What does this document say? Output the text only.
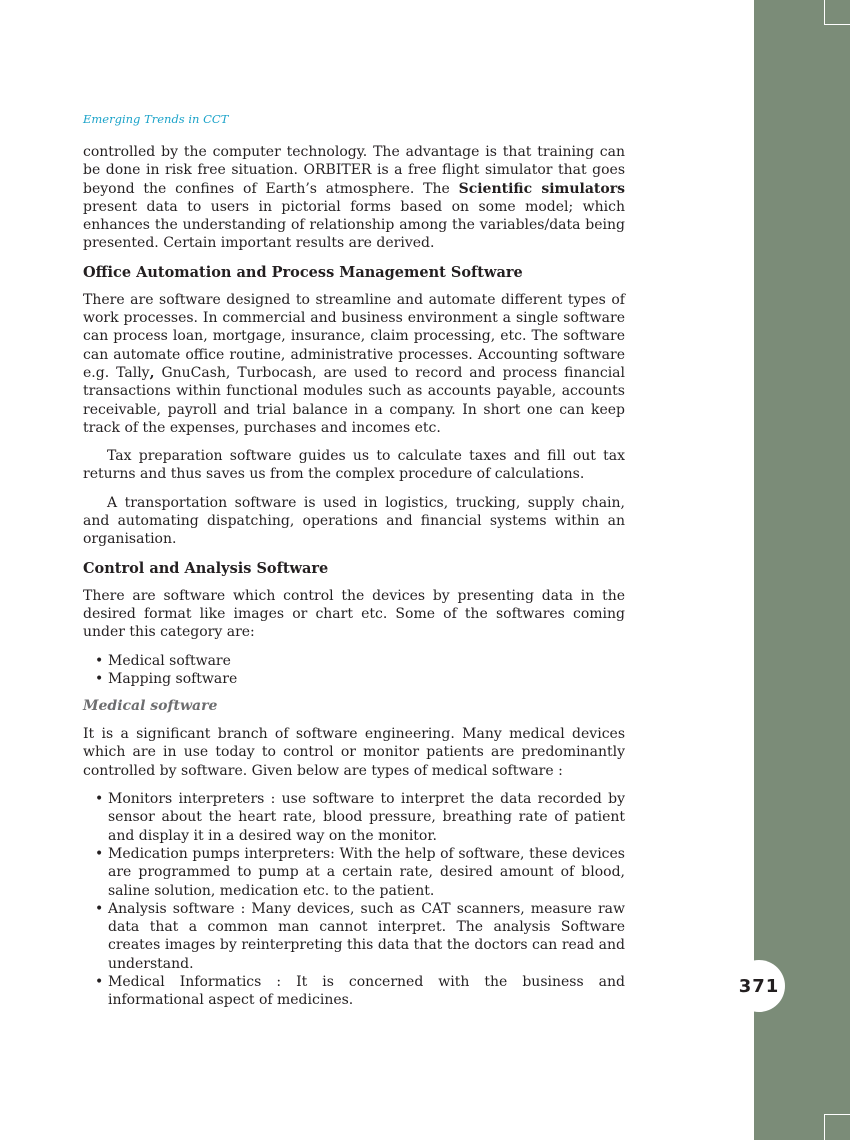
371
Emerging Trends in CCT

controlled by the computer technology. The advantage is that training can be done in risk free situation. ORBITER is a free flight simulator that goes beyond the confines of Earth’s atmosphere. The Scientific simulators present data to users in pictorial forms based on some model; which enhances the understanding of relationship among the variables/data being presented. Certain important results are derived.

Office Automation and Process Management Software

There are software designed to streamline and automate different types of work processes. In commercial and business environment a single software can process loan, mortgage, insurance, claim processing, etc. The software can automate office routine, administrative processes. Accounting software e.g. Tally, GnuCash, Turbocash, are used to record and process financial transactions within functional modules such as accounts payable, accounts receivable, payroll and trial balance in a company. In short one can keep track of the expenses, purchases and incomes etc.

Tax preparation software guides us to calculate taxes and fill out tax returns and thus saves us from the complex procedure of calculations.

A transportation software is used in logistics, trucking, supply chain, and automating dispatching, operations and financial systems within an organisation.

Control and Analysis Software

There are software which control the devices by presenting data in the desired format like images or chart etc. Some of the softwares coming under this category are:

• Medical software
• Mapping software
Medical software

It is a significant branch of software engineering. Many medical devices which are in use today to control or monitor patients are predominantly controlled by software. Given below are types of medical software :

• Monitors interpreters : use software to interpret the data recorded by sensor about the heart rate, blood pressure, breathing rate of patient and display it in a desired way on the monitor.
• Medication pumps interpreters: With the help of software, these devices are programmed to pump at a certain rate, desired amount of blood, saline solution, medication etc. to the patient.
• Analysis software : Many devices, such as CAT scanners, measure raw data that a common man cannot interpret. The analysis Software creates images by reinterpreting this data that the doctors can read and understand.
• Medical Informatics : It is concerned with the business and informational aspect of medicines.
